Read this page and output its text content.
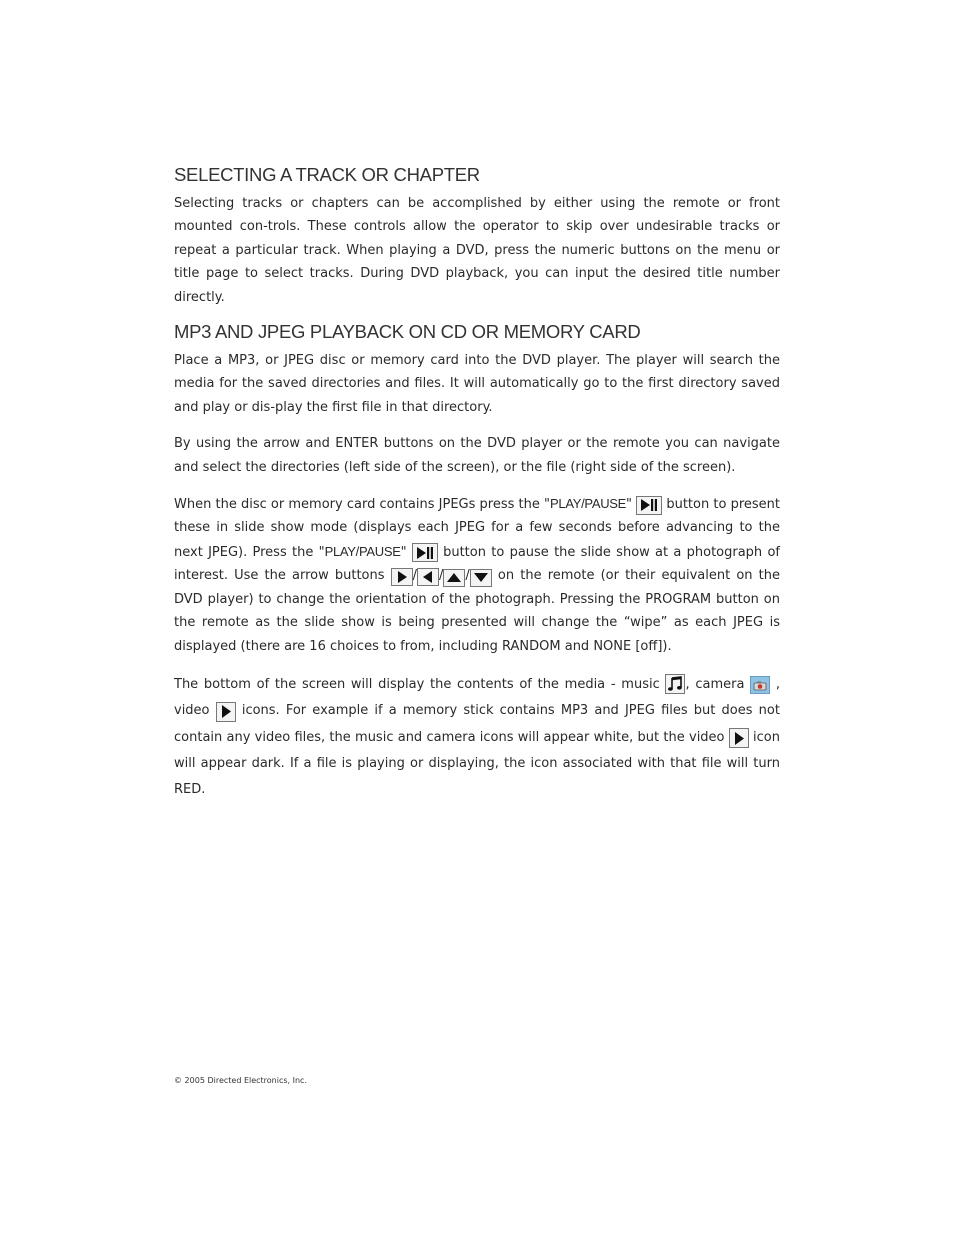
SELECTING A TRACK OR CHAPTER

Selecting tracks or chapters can be accomplished by either using the remote or front mounted con-trols. These controls allow the operator to skip over undesirable tracks or repeat a particular track. When playing a DVD, press the numeric buttons on the menu or title page to select tracks. During DVD playback, you can input the desired title number directly.

MP3 AND JPEG PLAYBACK ON CD OR MEMORY CARD

Place a MP3, or JPEG disc or memory card into the DVD player. The player will search the media for the saved directories and files. It will automatically go to the first directory saved and play or dis-play the first file in that directory.

By using the arrow and ENTER buttons on the DVD player or the remote you can navigate and select the directories (left side of the screen), or the file (right side of the screen).

When the disc or memory card contains JPEGs press the "PLAY/PAUSE"
button to present these in slide show mode (displays each JPEG for a few seconds before advancing to the next JPEG). Press the "PLAY/PAUSE"
button to pause the slide show at a photograph of interest. Use the arrow buttons
/ / /
on the remote (or their equivalent on the DVD player) to change the orientation of the photograph. Pressing the PROGRAM button on the remote as the slide show is being presented will change the “wipe” as each JPEG is displayed (there are 16 choices to from, including RANDOM and NONE [off]).

The bottom of the screen will display the contents of the media - music
, camera
, video
icons. For example if a memory stick contains MP3 and JPEG files but does not contain any video files, the music and camera icons will appear white, but the video
icon will appear dark. If a file is playing or displaying, the icon associated with that file will turn RED.

© 2005 Directed Electronics, Inc.
